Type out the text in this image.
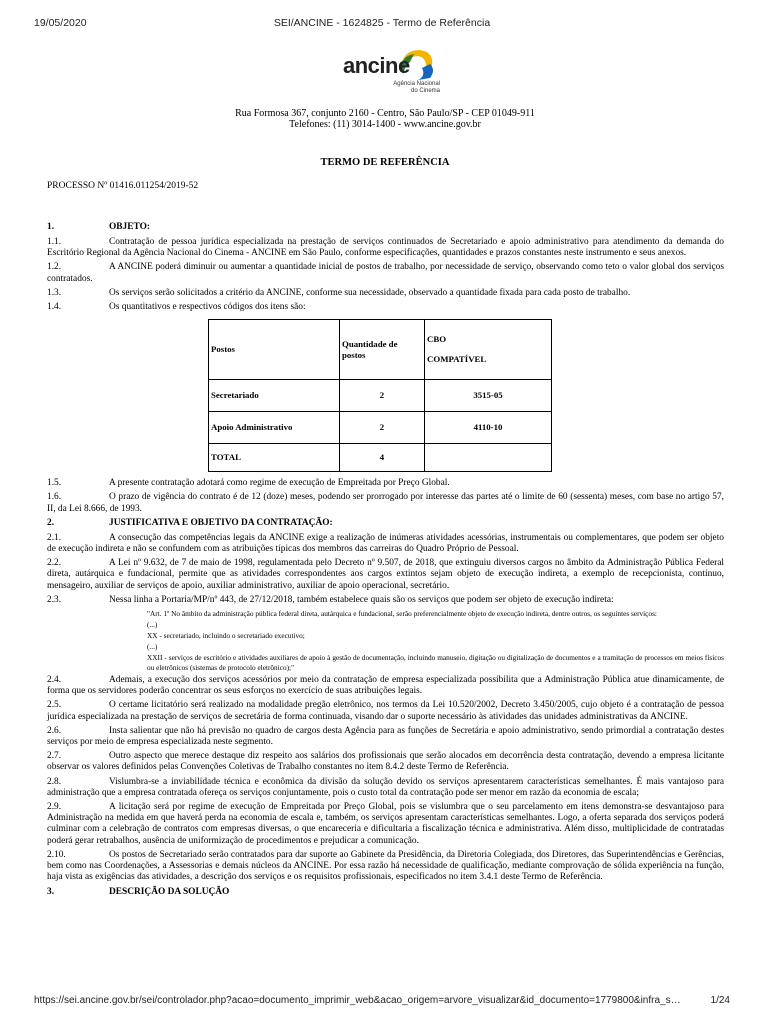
19/05/2020	SEI/ANCINE - 1624825 - Termo de Referência
ancine
Agência Nacional
do Cinema
Rua Formosa 367, conjunto 2160 - Centro, São Paulo/SP - CEP 01049-911
Telefones: (11) 3014-1400 - www.ancine.gov.br
TERMO DE REFERÊNCIA
PROCESSO Nº 01416.011254/2019-52
1.	OBJETO:
1.1.	Contratação de pessoa jurídica especializada na prestação de serviços continuados de Secretariado e apoio administrativo para atendimento da demanda do Escritório Regional da Agência Nacional do Cinema - ANCINE em São Paulo, conforme especificações, quantidades e prazos constantes neste instrumento e seus anexos.
1.2.	A ANCINE poderá diminuir ou aumentar a quantidade inicial de postos de trabalho, por necessidade de serviço, observando como teto o valor global dos serviços contratados.
1.3.	Os serviços serão solicitados a critério da ANCINE, conforme sua necessidade, observado a quantidade fixada para cada posto de trabalho.
1.4.	Os quantitativos e respectivos códigos dos itens são:
Postos	Quantidade de postos	CBO
COMPATÍVEL

Secretariado	2	3515-05
Apoio Administrativo	2	4110-10
TOTAL	4	
1.5.	A presente contratação adotará como regime de execução de Empreitada por Preço Global.
1.6.	O prazo de vigência do contrato é de 12 (doze) meses, podendo ser prorrogado por interesse das partes até o limite de 60 (sessenta) meses, com base no artigo 57, II, da Lei 8.666, de 1993.
2.	JUSTIFICATIVA E OBJETIVO DA CONTRATAÇÃO:
2.1.	A consecução das competências legais da ANCINE exige a realização de inúmeras atividades acessórias, instrumentais ou complementares, que podem ser objeto de execução indireta e não se confundem com as atribuições típicas dos membros das carreiras do Quadro Próprio de Pessoal.
2.2.	A Lei nº 9.632, de 7 de maio de 1998, regulamentada pelo Decreto nº 9.507, de 2018, que extinguiu diversos cargos no âmbito da Administração Pública Federal direta, autárquica e fundacional, permite que as atividades correspondentes aos cargos extintos sejam objeto de execução indireta, a exemplo de recepcionista, contínuo, mensageiro, auxiliar de serviços de apoio, auxiliar administrativo, auxiliar de apoio operacional, secretário.
2.3.	Nessa linha a Portaria/MP/nº 443, de 27/12/2018, também estabelece quais são os serviços que podem ser objeto de execução indireta:

"Art. 1º No âmbito da administração pública federal direta, autárquica e fundacional, serão preferencialmente objeto de execução indireta, dentre outros, os seguintes serviços:

(...)

XX - secretariado, incluindo o secretariado executivo;

(...)

XXII - serviços de escritório e atividades auxiliares de apoio à gestão de documentação, incluindo manuseio, digitação ou digitalização de documentos e a tramitação de processos em meios físicos ou eletrônicos (sistemas de protocolo eletrônico);"

2.4.	Ademais, a execução dos serviços acessórios por meio da contratação de empresa especializada possibilita que a Administração Pública atue dinamicamente, de forma que os servidores poderão concentrar os seus esforços no exercício de suas atribuições legais.
2.5.	O certame licitatório será realizado na modalidade pregão eletrônico, nos termos da Lei 10.520/2002, Decreto 3.450/2005, cujo objeto é a contratação de pessoa jurídica especializada na prestação de serviços de secretária de forma continuada, visando dar o suporte necessário às atividades das unidades administrativas da ANCINE.
2.6.	Insta salientar que não há previsão no quadro de cargos desta Agência para as funções de Secretária e apoio administrativo, sendo primordial a contratação destes serviços por meio de empresa especializada neste segmento.
2.7.	Outro aspecto que merece destaque diz respeito aos salários dos profissionais que serão alocados em decorrência desta contratação, devendo a empresa licitante observar os valores definidos pelas Convenções Coletivas de Trabalho constantes no item 8.4.2 deste Termo de Referência.
2.8.	Vislumbra-se a inviabilidade técnica e econômica da divisão da solução devido os serviços apresentarem características semelhantes. É mais vantajoso para administração que a empresa contratada ofereça os serviços conjuntamente, pois o custo total da contratação pode ser menor em razão da economia de escala;
2.9.	A licitação será por regime de execução de Empreitada por Preço Global, pois se vislumbra que o seu parcelamento em itens demonstra-se desvantajoso para Administração na medida em que haverá perda na economia de escala e, também, os serviços apresentam características semelhantes. Logo, a oferta separada dos serviços poderá culminar com a celebração de contratos com empresas diversas, o que encareceria e dificultaria a fiscalização técnica e administrativa. Além disso, multiplicidade de contratadas poderá gerar retrabalhos, ausência de uniformização de procedimentos e prejudicar a comunicação.
2.10.	Os postos de Secretariado serão contratados para dar suporte ao Gabinete da Presidência, da Diretoria Colegiada, dos Diretores, das Superintendências e Gerências, bem como nas Coordenações, a Assessorias e demais núcleos da ANCINE. Por essa razão há necessidade de qualificação, mediante comprovação de sólida experiência na função, haja vista as exigências das atividades, a descrição dos serviços e os requisitos profissionais, especificados no item 3.4.1 deste Termo de Referência.
3.	DESCRIÇÃO DA SOLUÇÃO
https://sei.ancine.gov.br/sei/controlador.php?acao=documento_imprimir_web&acao_origem=arvore_visualizar&id_documento=1779800&infra_s…	1/24
